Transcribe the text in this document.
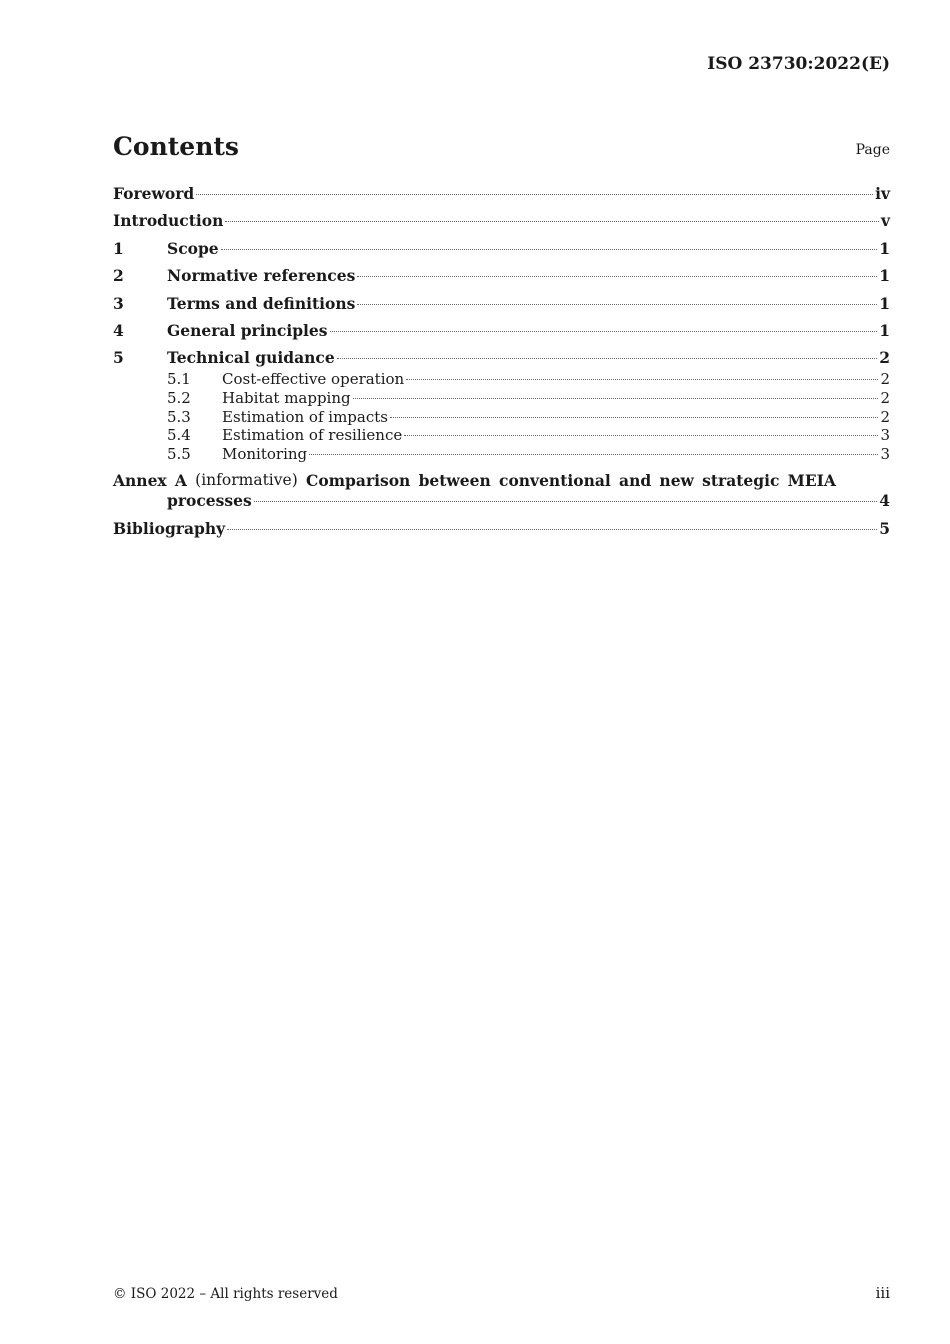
ISO 23730:2022(E)
Contents	Page
Foreword	iv
Introduction	v
1	Scope	1
2	Normative references	1
3	Terms and definitions	1
4	General principles	1
5	Technical guidance	2
5.1	Cost-effective operation	2
5.2	Habitat mapping	2
5.3	Estimation of impacts	2
5.4	Estimation of resilience	3
5.5	Monitoring	3
Annex A (informative) Comparison between conventional and new strategic MEIA
processes	4
Bibliography	5
© ISO 2022 – All rights reserved	iii
